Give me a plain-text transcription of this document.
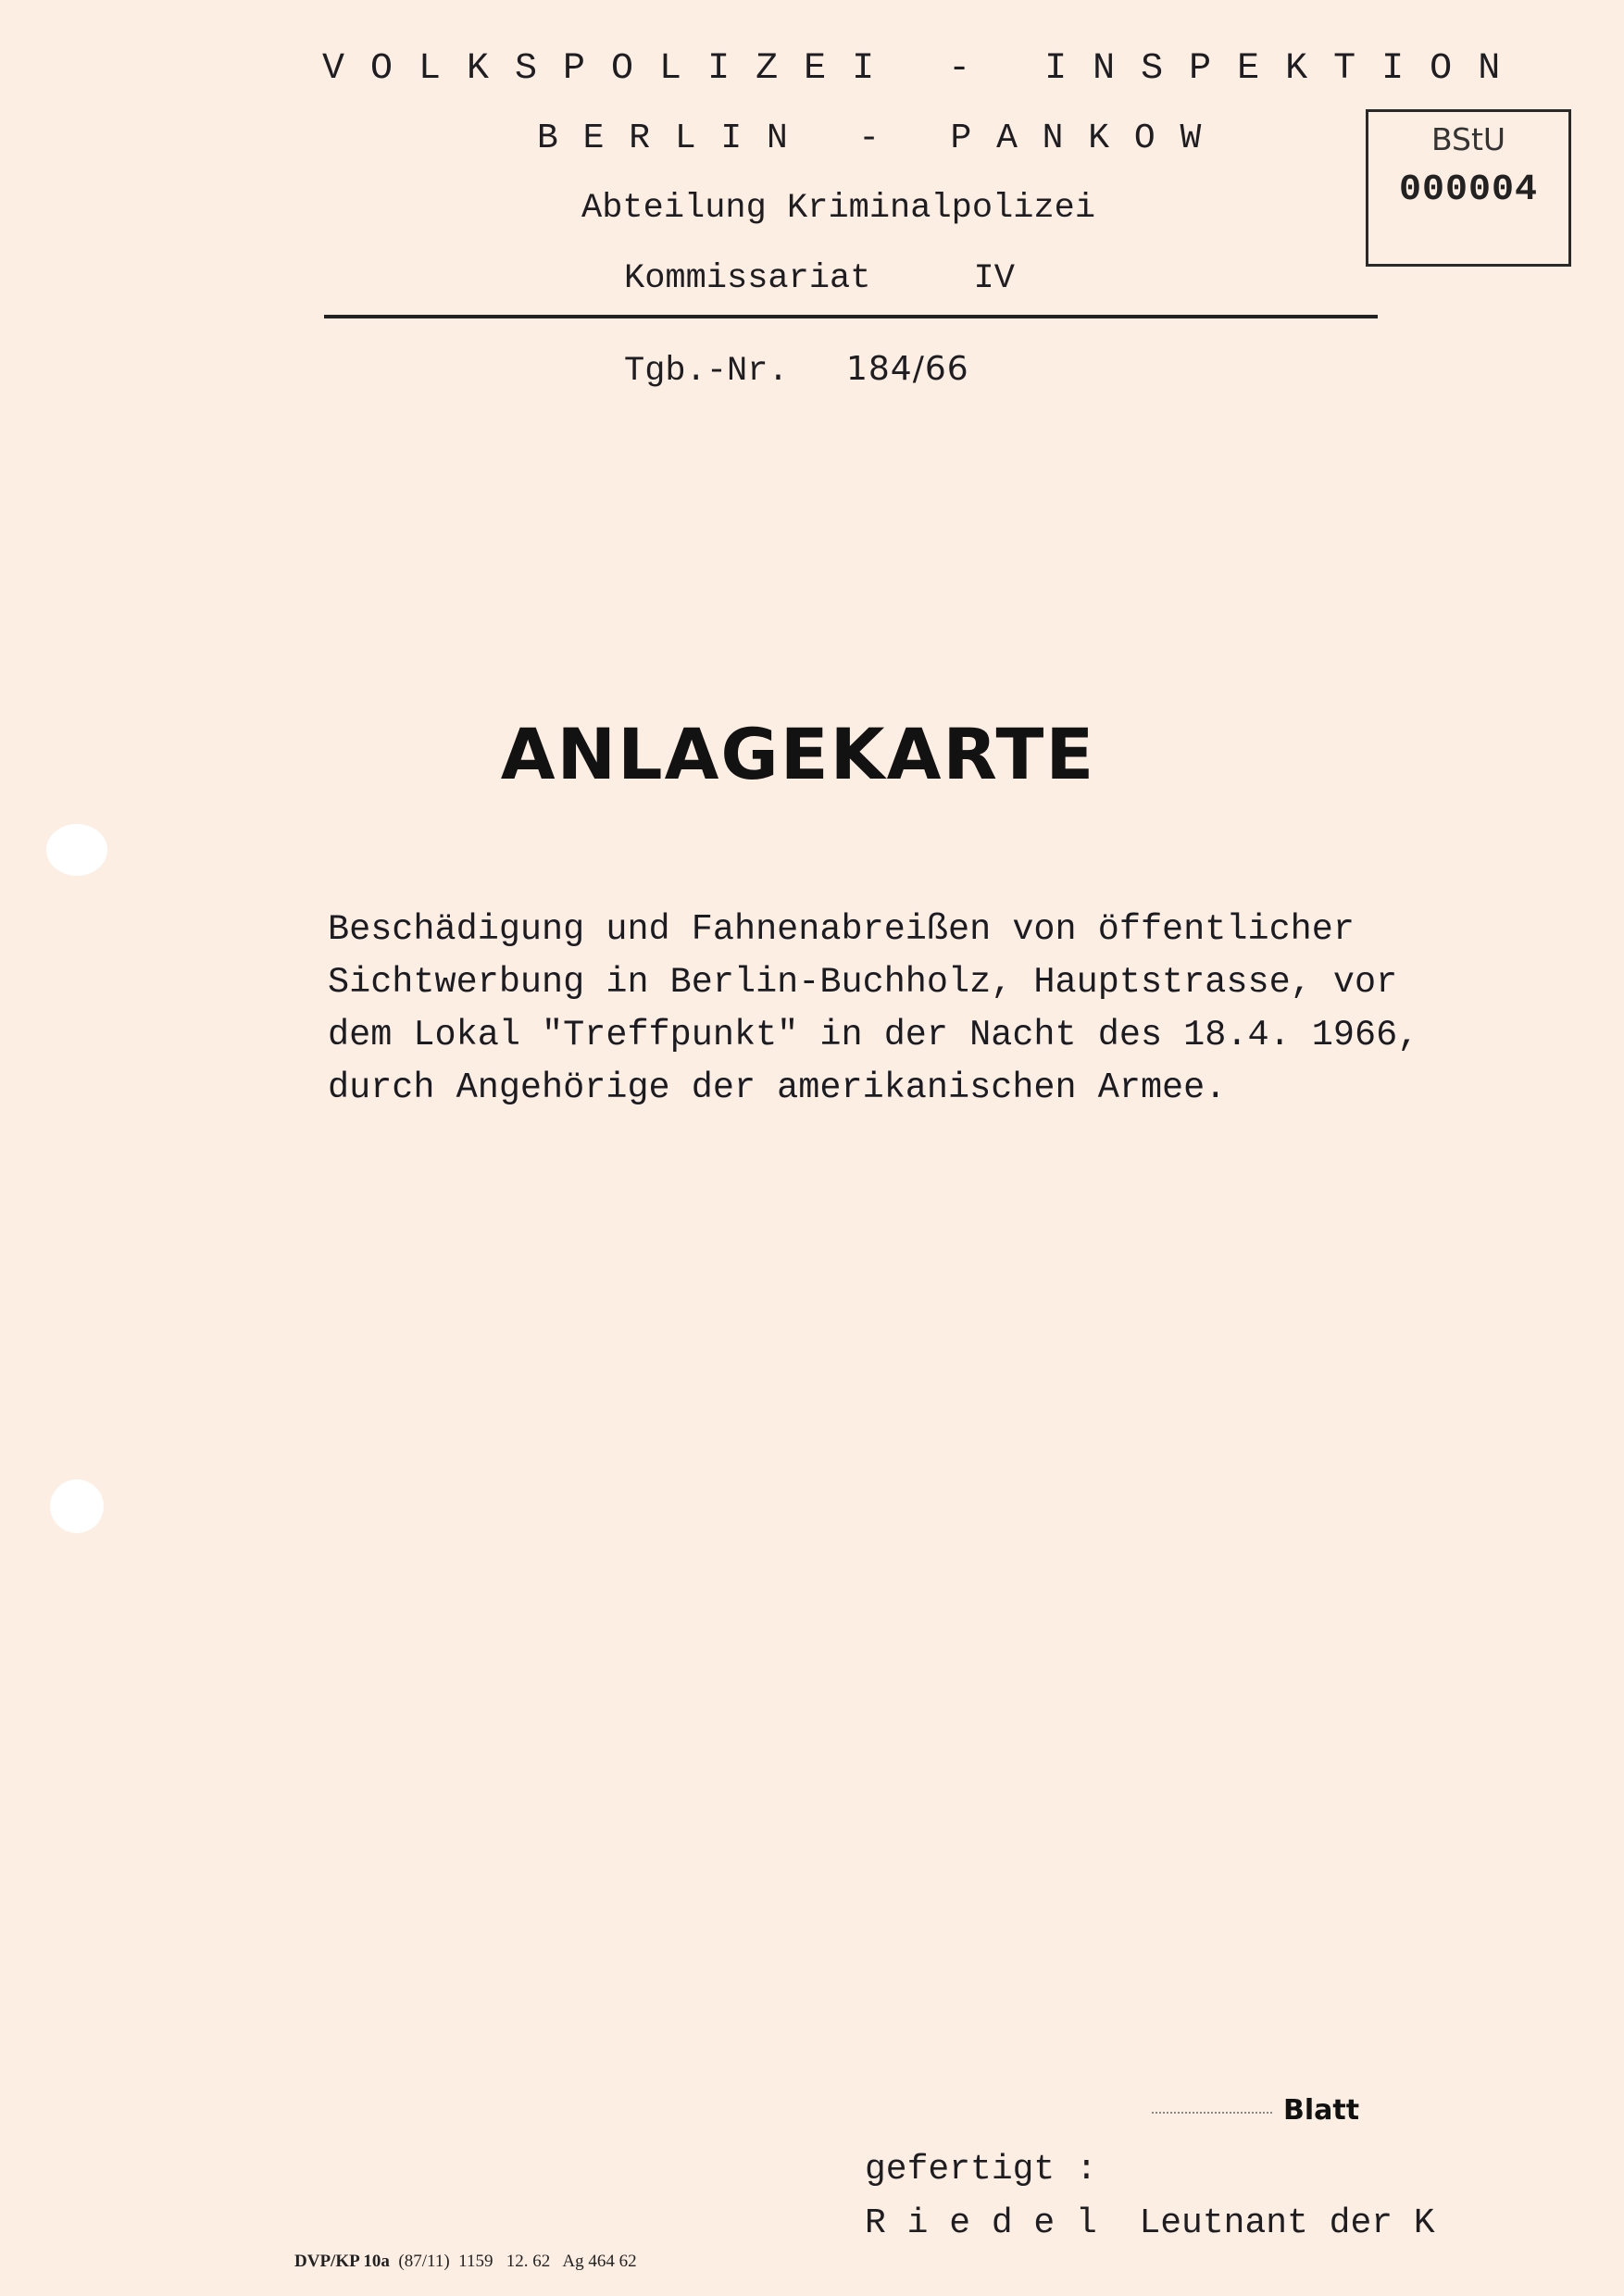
V O L K S P O L I Z E I   -   I N S P E K T I O N
B E R L I N   -   P A N K O W
Abteilung Kriminalpolizei
Kommissariat	IV
Tgb.-Nr. 184/66
BStU
000004
ANLAGEKARTE
Beschädigung und Fahnenabreißen von öffentlicher
Sichtwerbung in Berlin-Buchholz, Hauptstrasse, vor
dem Lokal "Treffpunkt" in der Nacht des 18.4. 1966,
durch Angehörige der amerikanischen Armee.
Blatt
gefertigt :
R i e d e l Leutnant der K
DVP/KP 10a (87/11)  1159   12. 62   Ag 464 62
